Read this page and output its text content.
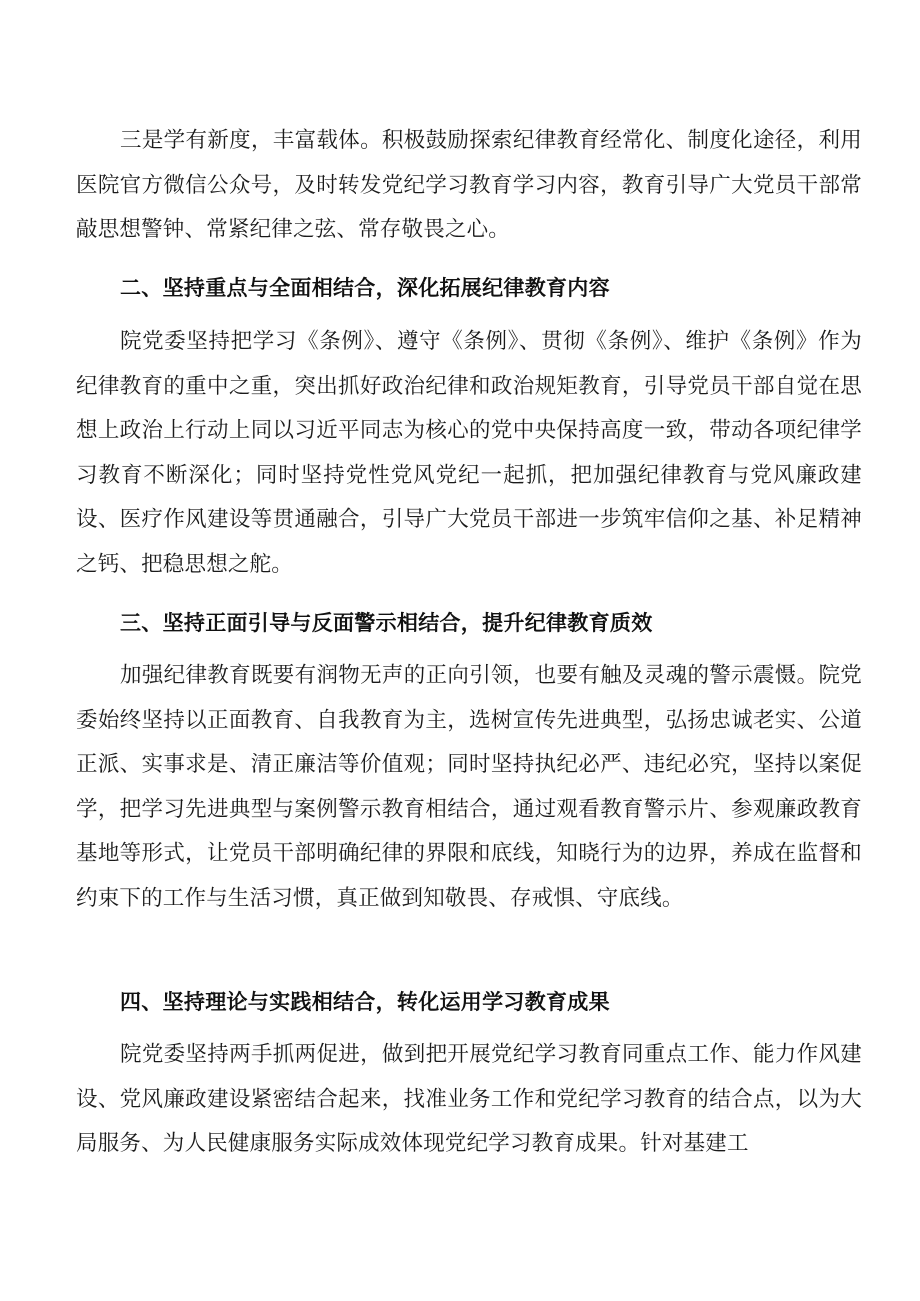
三是学有新度，丰富载体。积极鼓励探索纪律教育经常化、制度化途径，利用医院官方微信公众号，及时转发党纪学习教育学习内容，教育引导广大党员干部常敲思想警钟、常紧纪律之弦、常存敬畏之心。

二、坚持重点与全面相结合，深化拓展纪律教育内容

院党委坚持把学习《条例》、遵守《条例》、贯彻《条例》、维护《条例》作为纪律教育的重中之重，突出抓好政治纪律和政治规矩教育，引导党员干部自觉在思想上政治上行动上同以习近平同志为核心的党中央保持高度一致，带动各项纪律学习教育不断深化；同时坚持党性党风党纪一起抓，把加强纪律教育与党风廉政建设、医疗作风建设等贯通融合，引导广大党员干部进一步筑牢信仰之基、补足精神之钙、把稳思想之舵。

三、坚持正面引导与反面警示相结合，提升纪律教育质效

加强纪律教育既要有润物无声的正向引领，也要有触及灵魂的警示震慑。院党委始终坚持以正面教育、自我教育为主，选树宣传先进典型，弘扬忠诚老实、公道正派、实事求是、清正廉洁等价值观；同时坚持执纪必严、违纪必究，坚持以案促学，把学习先进典型与案例警示教育相结合，通过观看教育警示片、参观廉政教育基地等形式，让党员干部明确纪律的界限和底线，知晓行为的边界，养成在监督和约束下的工作与生活习惯，真正做到知敬畏、存戒惧、守底线。

四、坚持理论与实践相结合，转化运用学习教育成果

院党委坚持两手抓两促进，做到把开展党纪学习教育同重点工作、能力作风建设、党风廉政建设紧密结合起来，找准业务工作和党纪学习教育的结合点，以为大局服务、为人民健康服务实际成效体现党纪学习教育成果。针对基建工
